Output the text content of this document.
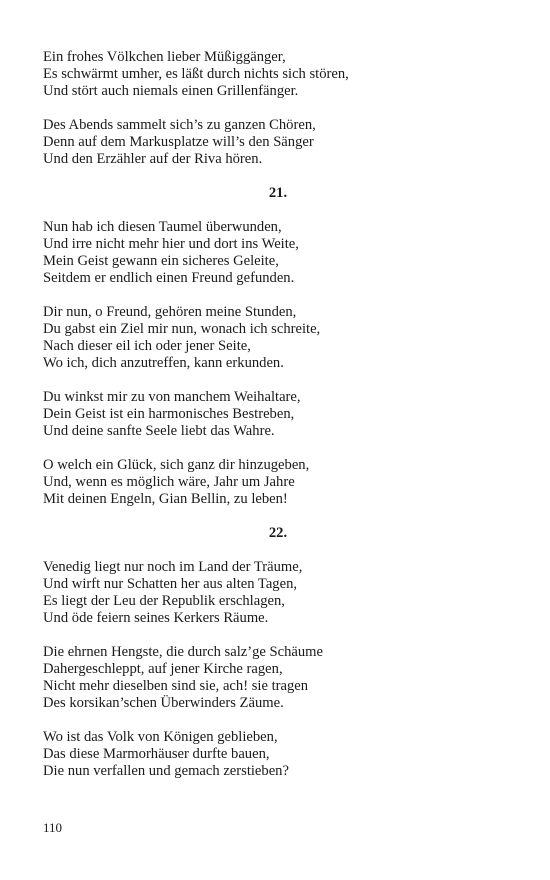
Ein frohes Völkchen lieber Müßiggänger,
Es schwärmt umher, es läßt durch nichts sich stören,
Und stört auch niemals einen Grillenfänger.
Des Abends sammelt sich’s zu ganzen Chören,
Denn auf dem Markusplatze will’s den Sänger
Und den Erzähler auf der Riva hören.
21.
Nun hab ich diesen Taumel überwunden,
Und irre nicht mehr hier und dort ins Weite,
Mein Geist gewann ein sicheres Geleite,
Seitdem er endlich einen Freund gefunden.
Dir nun, o Freund, gehören meine Stunden,
Du gabst ein Ziel mir nun, wonach ich schreite,
Nach dieser eil ich oder jener Seite,
Wo ich, dich anzutreffen, kann erkunden.
Du winkst mir zu von manchem Weihaltare,
Dein Geist ist ein harmonisches Bestreben,
Und deine sanfte Seele liebt das Wahre.
O welch ein Glück, sich ganz dir hinzugeben,
Und, wenn es möglich wäre, Jahr um Jahre
Mit deinen Engeln, Gian Bellin, zu leben!
22.
Venedig liegt nur noch im Land der Träume,
Und wirft nur Schatten her aus alten Tagen,
Es liegt der Leu der Republik erschlagen,
Und öde feiern seines Kerkers Räume.
Die ehrnen Hengste, die durch salz’ge Schäume
Dahergeschleppt, auf jener Kirche ragen,
Nicht mehr dieselben sind sie, ach! sie tragen
Des korsikan’schen Überwinders Zäume.
Wo ist das Volk von Königen geblieben,
Das diese Marmorhäuser durfte bauen,
Die nun verfallen und gemach zerstieben?
110
